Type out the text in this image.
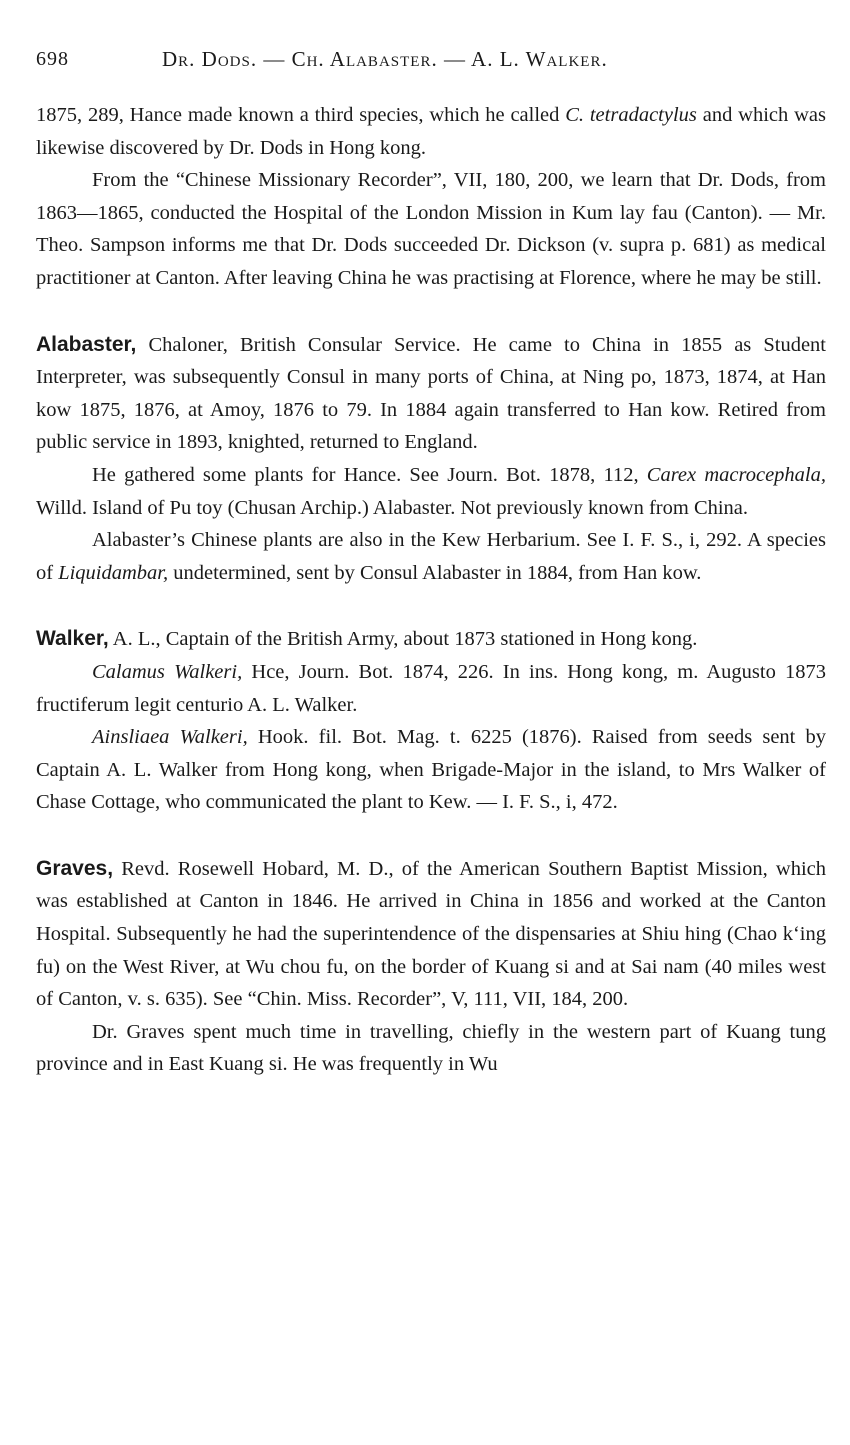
698	Dr. Dods. — Ch. Alabaster. — A. L. Walker.

1875, 289, Hance made known a third species, which he called C. tetradactylus and which was likewise discovered by Dr. Dods in Hong kong.

From the “Chinese Missionary Recorder”, VII, 180, 200, we learn that Dr. Dods, from 1863—1865, conducted the Hospital of the London Mission in Kum lay fau (Canton). — Mr. Theo. Sampson informs me that Dr. Dods succeeded Dr. Dickson (v. supra p. 681) as medical practitioner at Canton. After leaving China he was practising at Florence, where he may be still.

Alabaster, Chaloner, British Consular Service. He came to China in 1855 as Student Interpreter, was subsequently Consul in many ports of China, at Ning po, 1873, 1874, at Han kow 1875, 1876, at Amoy, 1876 to 79. In 1884 again transferred to Han kow. Retired from public service in 1893, knighted, returned to England.

He gathered some plants for Hance. See Journ. Bot. 1878, 112, Carex macrocephala, Willd. Island of Pu toy (Chusan Archip.) Alabaster. Not previously known from China.

Alabaster’s Chinese plants are also in the Kew Herbarium. See I. F. S., i, 292. A species of Liquidambar, undetermined, sent by Consul Alabaster in 1884, from Han kow.

Walker, A. L., Captain of the British Army, about 1873 stationed in Hong kong.

Calamus Walkeri, Hce, Journ. Bot. 1874, 226. In ins. Hong kong, m. Augusto 1873 fructiferum legit centurio A. L. Walker.

Ainsliaea Walkeri, Hook. fil. Bot. Mag. t. 6225 (1876). Raised from seeds sent by Captain A. L. Walker from Hong kong, when Brigade-Major in the island, to Mrs Walker of Chase Cottage, who communicated the plant to Kew. — I. F. S., i, 472.

Graves, Revd. Rosewell Hobard, M. D., of the American Southern Baptist Mission, which was established at Canton in 1846. He arrived in China in 1856 and worked at the Canton Hospital. Subsequently he had the superintendence of the dispensaries at Shiu hing (Chao k‘ing fu) on the West River, at Wu chou fu, on the border of Kuang si and at Sai nam (40 miles west of Canton, v. s. 635). See “Chin. Miss. Recorder”, V, 111, VII, 184, 200.

Dr. Graves spent much time in travelling, chiefly in the western part of Kuang tung province and in East Kuang si. He was frequently in Wu
